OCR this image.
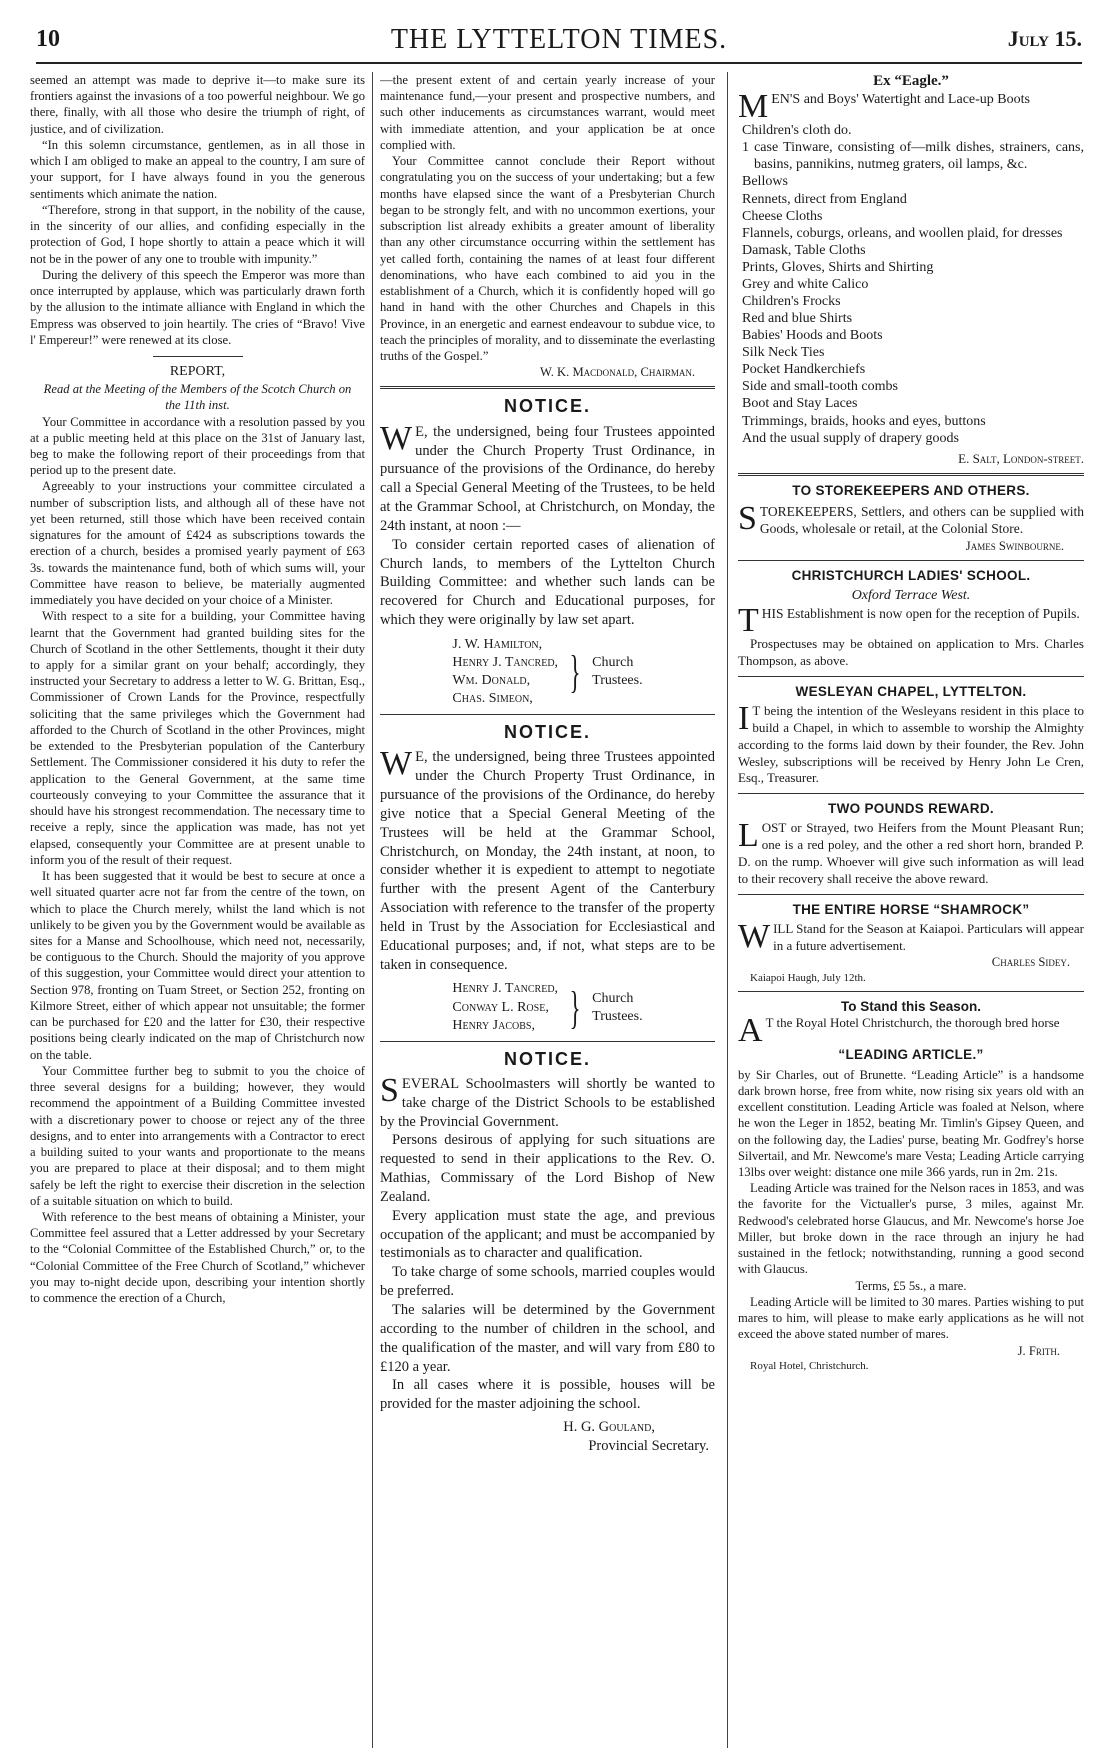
10	THE LYTTELTON TIMES.	July 15.

seemed an attempt was made to deprive it—to make sure its frontiers against the invasions of a too powerful neighbour. We go there, finally, with all those who desire the triumph of right, of justice, and of civilization.

“In this solemn circumstance, gentlemen, as in all those in which I am obliged to make an appeal to the country, I am sure of your support, for I have always found in you the generous sentiments which animate the nation.

“Therefore, strong in that support, in the nobility of the cause, in the sincerity of our allies, and confiding especially in the protection of God, I hope shortly to attain a peace which it will not be in the power of any one to trouble with impunity.”

During the delivery of this speech the Emperor was more than once interrupted by applause, which was particularly drawn forth by the allusion to the intimate alliance with England in which the Empress was observed to join heartily. The cries of “Bravo! Vive l' Empereur!” were renewed at its close.

REPORT,

Read at the Meeting of the Members of the Scotch Church on the 11th inst.

Your Committee in accordance with a resolution passed by you at a public meeting held at this place on the 31st of January last, beg to make the following report of their proceedings from that period up to the present date.

Agreeably to your instructions your committee circulated a number of subscription lists, and although all of these have not yet been returned, still those which have been received contain signatures for the amount of £424 as subscriptions towards the erection of a church, besides a promised yearly payment of £63 3s. towards the maintenance fund, both of which sums will, your Committee have reason to believe, be materially augmented immediately you have decided on your choice of a Minister.

With respect to a site for a building, your Committee having learnt that the Government had granted building sites for the Church of Scotland in the other Settlements, thought it their duty to apply for a similar grant on your behalf; accordingly, they instructed your Secretary to address a letter to W. G. Brittan, Esq., Commissioner of Crown Lands for the Province, respectfully soliciting that the same privileges which the Government had afforded to the Church of Scotland in the other Provinces, might be extended to the Presbyterian population of the Canterbury Settlement. The Commissioner considered it his duty to refer the application to the General Government, at the same time courteously conveying to your Committee the assurance that it should have his strongest recommendation. The necessary time to receive a reply, since the application was made, has not yet elapsed, consequently your Committee are at present unable to inform you of the result of their request.

It has been suggested that it would be best to secure at once a well situated quarter acre not far from the centre of the town, on which to place the Church merely, whilst the land which is not unlikely to be given you by the Government would be available as sites for a Manse and Schoolhouse, which need not, necessarily, be contiguous to the Church. Should the majority of you approve of this suggestion, your Committee would direct your attention to Section 978, fronting on Tuam Street, or Section 252, fronting on Kilmore Street, either of which appear not unsuitable; the former can be purchased for £20 and the latter for £30, their respective positions being clearly indicated on the map of Christchurch now on the table.

Your Committee further beg to submit to you the choice of three several designs for a building; however, they would recommend the appointment of a Building Committee invested with a discretionary power to choose or reject any of the three designs, and to enter into arrangements with a Contractor to erect a building suited to your wants and proportionate to the means you are prepared to place at their disposal; and to them might safely be left the right to exercise their discretion in the selection of a suitable situation on which to build.

With reference to the best means of obtaining a Minister, your Committee feel assured that a Letter addressed by your Secretary to the “Colonial Committee of the Established Church,” or, to the “Colonial Committee of the Free Church of Scotland,” whichever you may to-night decide upon, describing your intention shortly to commence the erection of a Church,

—the present extent of and certain yearly increase of your maintenance fund,—your present and prospective numbers, and such other inducements as circumstances warrant, would meet with immediate attention, and your application be at once complied with.

Your Committee cannot conclude their Report without congratulating you on the success of your undertaking; but a few months have elapsed since the want of a Presbyterian Church began to be strongly felt, and with no uncommon exertions, your subscription list already exhibits a greater amount of liberality than any other circumstance occurring within the settlement has yet called forth, containing the names of at least four different denominations, who have each combined to aid you in the establishment of a Church, which it is confidently hoped will go hand in hand with the other Churches and Chapels in this Province, in an energetic and earnest endeavour to subdue vice, to teach the principles of morality, and to disseminate the everlasting truths of the Gospel.”

W. K. Macdonald, Chairman.

NOTICE.
W E, the undersigned, being four Trustees appointed under the Church Property Trust Ordinance, in pursuance of the provisions of the Ordinance, do hereby call a Special General Meeting of the Trustees, to be held at the Grammar School, at Christchurch, on Monday, the 24th instant, at noon :—

To consider certain reported cases of alienation of Church lands, to members of the Lyttelton Church Building Committee: and whether such lands can be recovered for Church and Educational purposes, for which they were originally by law set apart.

J. W. Hamilton,
Henry J. Tancred,
Wm. Donald,
Chas. Simeon,
} Church
Trustees.
NOTICE.
W E, the undersigned, being three Trustees appointed under the Church Property Trust Ordinance, in pursuance of the provisions of the Ordinance, do hereby give notice that a Special General Meeting of the Trustees will be held at the Grammar School, Christchurch, on Monday, the 24th instant, at noon, to consider whether it is expedient to attempt to negotiate further with the present Agent of the Canterbury Association with reference to the transfer of the property held in Trust by the Association for Ecclesiastical and Educational purposes; and, if not, what steps are to be taken in consequence.
Henry J. Tancred,
Conway L. Rose,
Henry Jacobs, } Church
Trustees.
NOTICE.
S EVERAL Schoolmasters will shortly be wanted to take charge of the District Schools to be established by the Provincial Government.

Persons desirous of applying for such situations are requested to send in their applications to the Rev. O. Mathias, Commissary of the Lord Bishop of New Zealand.

Every application must state the age, and previous occupation of the applicant; and must be accompanied by testimonials as to character and qualification.

To take charge of some schools, married couples would be preferred.

The salaries will be determined by the Government according to the number of children in the school, and the qualification of the master, and will vary from £80 to £120 a year.

In all cases where it is possible, houses will be provided for the master adjoining the school.

H. G. Gouland,

Provincial Secretary.

Ex “Eagle.”

M EN'S and Boys' Watertight and Lace-up Boots
Children's cloth do.
1 case Tinware, consisting of—milk dishes, strainers, cans, basins, pannikins, nutmeg graters, oil lamps, &c.
Bellows
Rennets, direct from England
Cheese Cloths
Flannels, coburgs, orleans, and woollen plaid, for dresses
Damask, Table Cloths
Prints, Gloves, Shirts and Shirting
Grey and white Calico
Children's Frocks
Red and blue Shirts
Babies' Hoods and Boots
Silk Neck Ties
Pocket Handkerchiefs
Side and small-tooth combs
Boot and Stay Laces
Trimmings, braids, hooks and eyes, buttons
And the usual supply of drapery goods

E. Salt, London-street.

TO STOREKEEPERS AND OTHERS.
S TOREKEEPERS, Settlers, and others can be supplied with Goods, wholesale or retail, at the Colonial Store.

James Swinbourne.

CHRISTCHURCH LADIES' SCHOOL.

Oxford Terrace West.

T HIS Establishment is now open for the reception of Pupils.

Prospectuses may be obtained on application to Mrs. Charles Thompson, as above.

WESLEYAN CHAPEL, LYTTELTON.
I T being the intention of the Wesleyans resident in this place to build a Chapel, in which to assemble to worship the Almighty according to the forms laid down by their founder, the Rev. John Wesley, subscriptions will be received by Henry John Le Cren, Esq., Treasurer.
TWO POUNDS REWARD.
L OST or Strayed, two Heifers from the Mount Pleasant Run; one is a red poley, and the other a red short horn, branded P. D. on the rump. Whoever will give such information as will lead to their recovery shall receive the above reward.
THE ENTIRE HORSE “SHAMROCK”
W ILL Stand for the Season at Kaiapoi. Particulars will appear in a future advertisement.

Charles Sidey.

Kaiapoi Haugh, July 12th.

To Stand this Season.

A T the Royal Hotel Christchurch, the thorough bred horse
“LEADING ARTICLE.”

by Sir Charles, out of Brunette. “Leading Article” is a handsome dark brown horse, free from white, now rising six years old with an excellent constitution. Leading Article was foaled at Nelson, where he won the Leger in 1852, beating Mr. Timlin's Gipsey Queen, and on the following day, the Ladies' purse, beating Mr. Godfrey's horse Silvertail, and Mr. Newcome's mare Vesta; Leading Article carrying 13lbs over weight: distance one mile 366 yards, run in 2m. 21s.

Leading Article was trained for the Nelson races in 1853, and was the favorite for the Victualler's purse, 3 miles, against Mr. Redwood's celebrated horse Glaucus, and Mr. Newcome's horse Joe Miller, but broke down in the race through an injury he had sustained in the fetlock; notwithstanding, running a good second with Glaucus.

Terms, £5 5s., a mare.

Leading Article will be limited to 30 mares. Parties wishing to put mares to him, will please to make early applications as he will not exceed the above stated number of mares.

J. Frith.

Royal Hotel, Christchurch.
